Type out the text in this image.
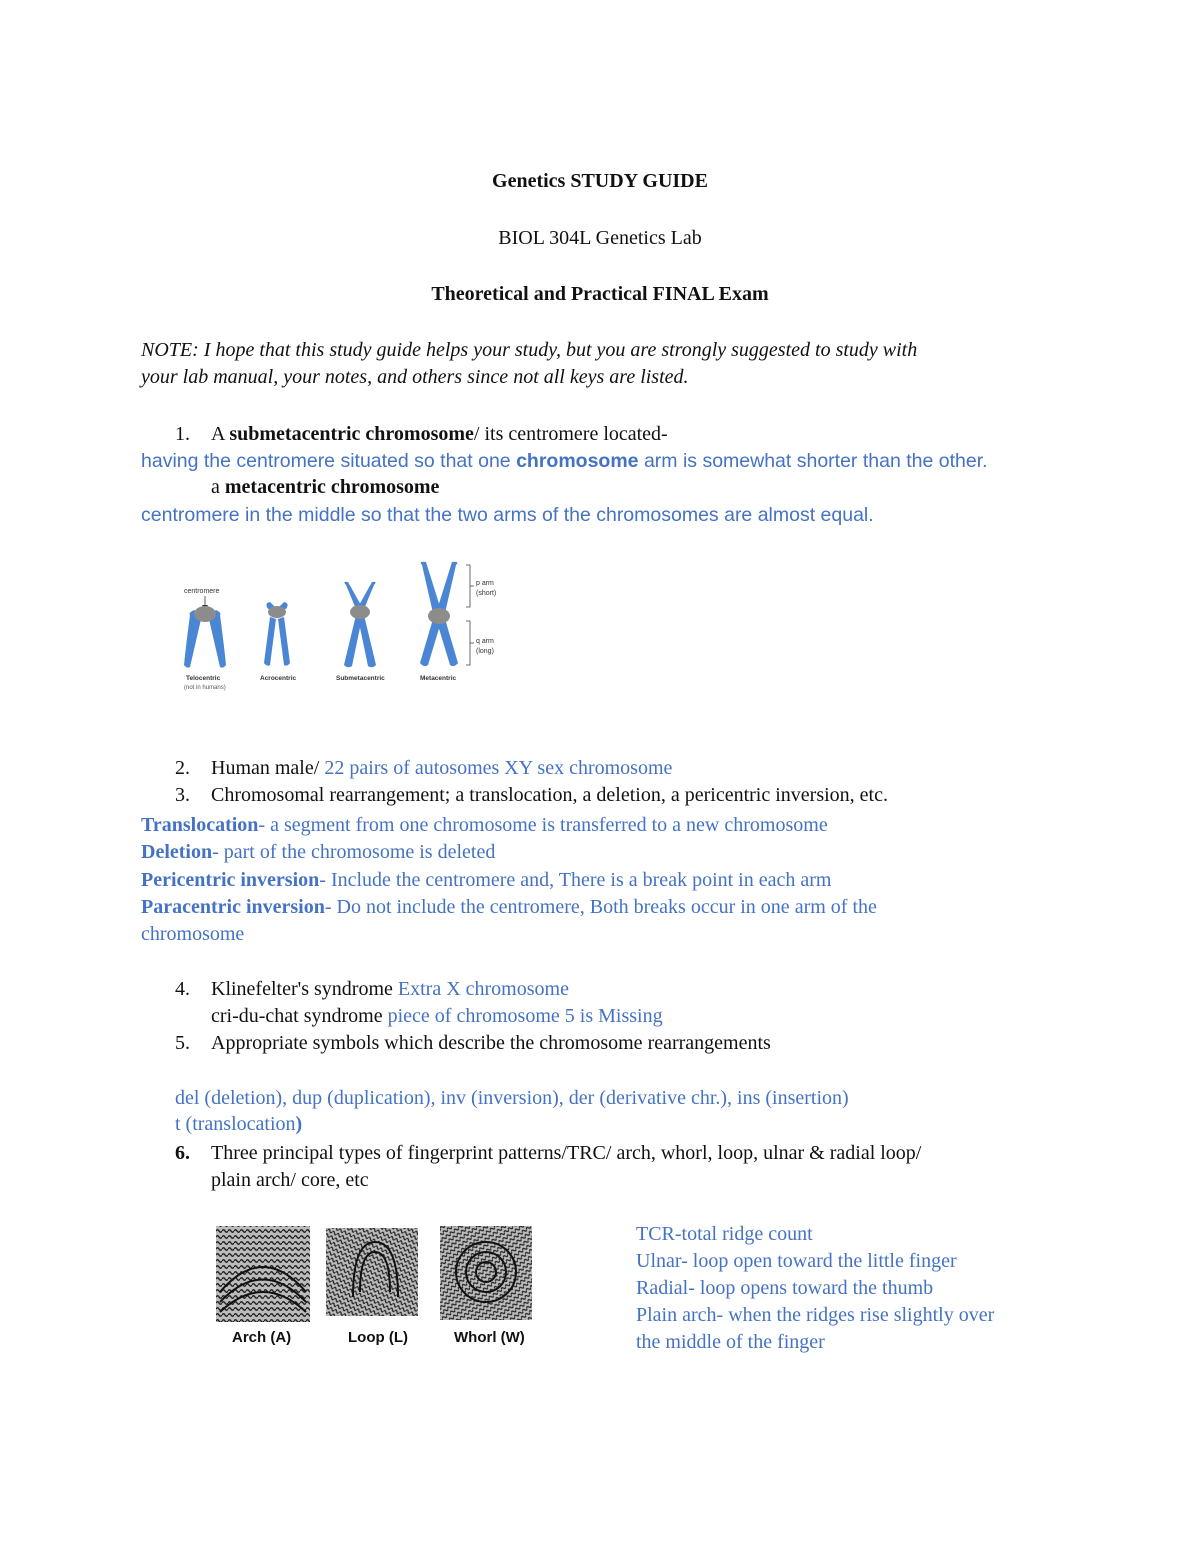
Genetics STUDY GUIDE
BIOL 304L Genetics Lab
Theoretical and Practical FINAL Exam
NOTE: I hope that this study guide helps your study, but you are strongly suggested to study with
your lab manual, your notes, and others since not all keys are listed.
1. A submetacentric chromosome/ its centromere located-
having the centromere situated so that one chromosome arm is somewhat shorter than the other.
a metacentric chromosome
centromere in the middle so that the two arms of the chromosomes are almost equal.
centromere
p arm
(short)
q arm
(long)
Telocentric
(not in humans)
Acrocentric	Submetacentric	Metacentric
2. Human male/ 22 pairs of autosomes XY sex chromosome
3. Chromosomal rearrangement; a translocation, a deletion, a pericentric inversion, etc.
Translocation- a segment from one chromosome is transferred to a new chromosome
Deletion- part of the chromosome is deleted
Pericentric inversion- Include the centromere and, There is a break point in each arm
Paracentric inversion- Do not include the centromere, Both breaks occur in one arm of the
chromosome
4. Klinefelter's syndrome Extra X chromosome
cri-du-chat syndrome piece of chromosome 5 is Missing
5. Appropriate symbols which describe the chromosome rearrangements
del (deletion), dup (duplication), inv (inversion), der (derivative chr.), ins (insertion)
t (translocation)
6. Three principal types of fingerprint patterns/TRC/ arch, whorl, loop, ulnar & radial loop/
plain arch/ core, etc
Arch (A)	Loop (L)	Whorl (W)
TCR-total ridge count
Ulnar- loop open toward the little finger
Radial- loop opens toward the thumb
Plain arch- when the ridges rise slightly over
the middle of the finger
